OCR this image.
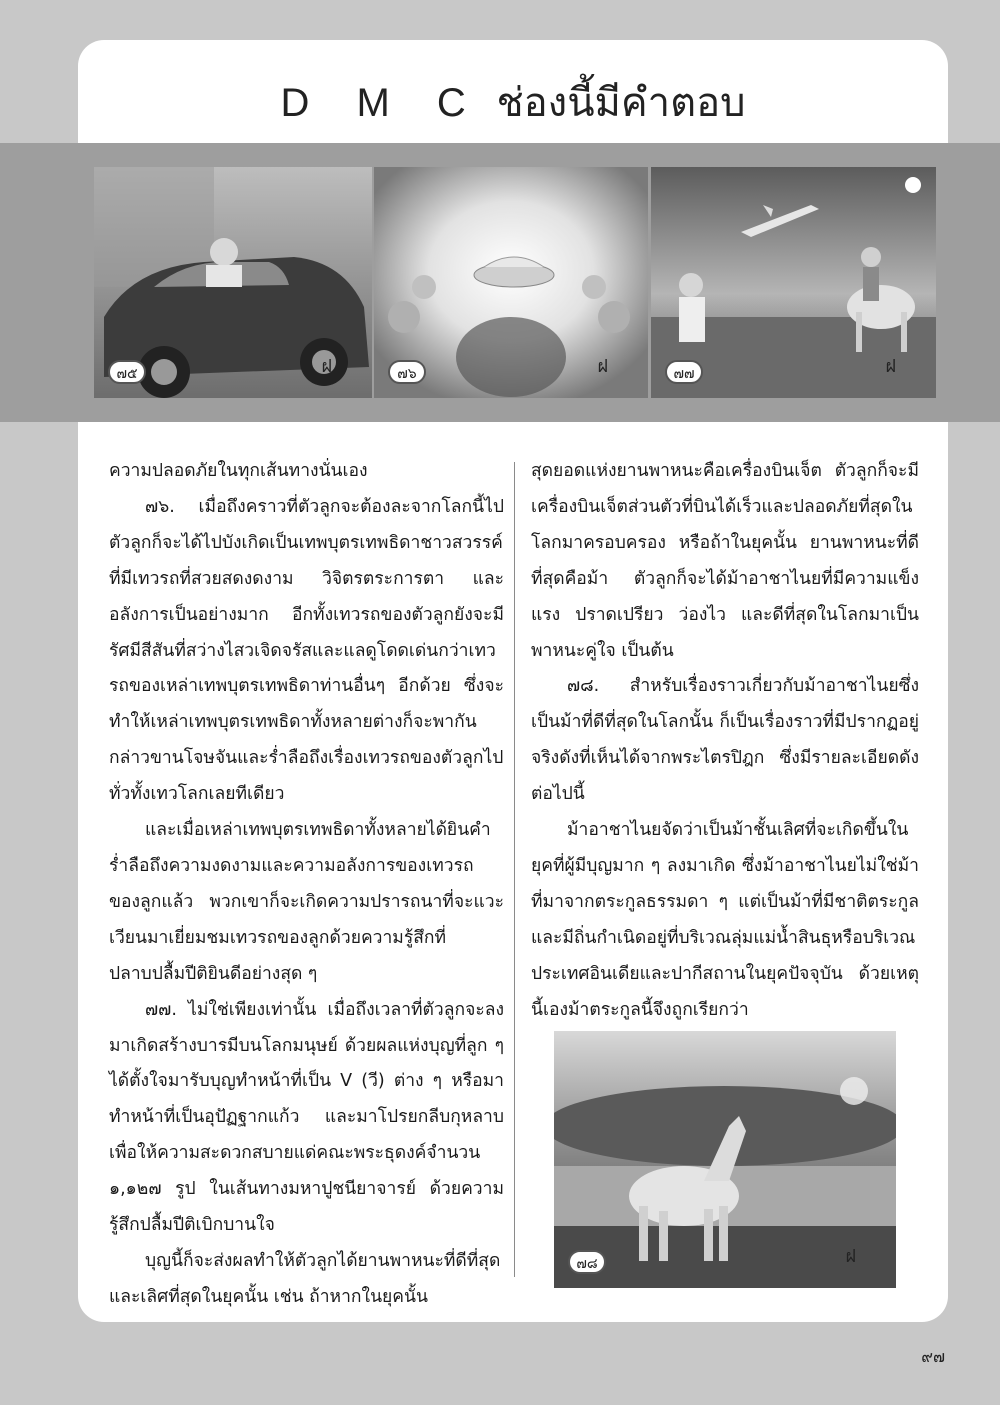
D M C ช่องนี้มีคำตอบ
๗๕	ฝ	๗๖	ฝ	๗๗	ฝ

ความปลอดภัยในทุกเส้นทางนั่นเอง

๗๖. เมื่อถึงคราวที่ตัวลูกจะต้องละจากโลกนี้ไป ตัวลูกก็จะได้ไปบังเกิดเป็นเทพบุตรเทพธิดาชาวสวรรค์ที่มีเทวรถที่สวยสดงดงาม วิจิตรตระการตา และอลังการเป็นอย่างมาก อีกทั้งเทวรถของตัวลูกยังจะมีรัศมีสีสันที่สว่างไสวเจิดจรัสและแลดูโดดเด่นกว่าเทวรถของเหล่าเทพบุตรเทพธิดาท่านอื่นๆ อีกด้วย ซึ่งจะทำให้เหล่าเทพบุตรเทพธิดาทั้งหลายต่างก็จะพากันกล่าวขานโจษจันและร่ำลือถึงเรื่องเทวรถของตัวลูกไปทั่วทั้งเทวโลกเลยทีเดียว

และเมื่อเหล่าเทพบุตรเทพธิดาทั้งหลายได้ยินคำร่ำลือถึงความงดงามและความอลังการของเทวรถของลูกแล้ว พวกเขาก็จะเกิดความปรารถนาที่จะแวะเวียนมาเยี่ยมชมเทวรถของลูกด้วยความรู้สึกที่ปลาบปลื้มปีติยินดีอย่างสุด ๆ

๗๗. ไม่ใช่เพียงเท่านั้น เมื่อถึงเวลาที่ตัวลูกจะลงมาเกิดสร้างบารมีบนโลกมนุษย์ ด้วยผลแห่งบุญที่ลูก ๆ ได้ตั้งใจมารับบุญทำหน้าที่เป็น V (วี) ต่าง ๆ หรือมาทำหน้าที่เป็นอุปัฏฐากแก้ว และมาโปรยกลีบกุหลาบ เพื่อให้ความสะดวกสบายแด่คณะพระธุดงค์จำนวน ๑,๑๒๗ รูป ในเส้นทางมหาปูชนียาจารย์ ด้วยความรู้สึกปลื้มปีติเบิกบานใจ

บุญนี้ก็จะส่งผลทำให้ตัวลูกได้ยานพาหนะที่ดีที่สุดและเลิศที่สุดในยุคนั้น เช่น ถ้าหากในยุคนั้น

สุดยอดแห่งยานพาหนะคือเครื่องบินเจ็ต ตัวลูกก็จะมีเครื่องบินเจ็ตส่วนตัวที่บินได้เร็วและปลอดภัยที่สุดในโลกมาครอบครอง หรือถ้าในยุคนั้น ยานพาหนะที่ดีที่สุดคือม้า ตัวลูกก็จะได้ม้าอาชาไนยที่มีความแข็งแรง ปราดเปรียว ว่องไว และดีที่สุดในโลกมาเป็นพาหนะคู่ใจ เป็นต้น

๗๘. สำหรับเรื่องราวเกี่ยวกับม้าอาชาไนยซึ่งเป็นม้าที่ดีที่สุดในโลกนั้น ก็เป็นเรื่องราวที่มีปรากฏอยู่จริงดังที่เห็นได้จากพระไตรปิฎก ซึ่งมีรายละเอียดดังต่อไปนี้

ม้าอาชาไนยจัดว่าเป็นม้าชั้นเลิศที่จะเกิดขึ้นในยุคที่ผู้มีบุญมาก ๆ ลงมาเกิด ซึ่งม้าอาชาไนยไม่ใช่ม้าที่มาจากตระกูลธรรมดา ๆ แต่เป็นม้าที่มีชาติตระกูลและมีถิ่นกำเนิดอยู่ที่บริเวณลุ่มแม่น้ำสินธุหรือบริเวณประเทศอินเดียและปากีสถานในยุคปัจจุบัน ด้วยเหตุนี้เองม้าตระกูลนี้จึงถูกเรียกว่า

๗๘	ฝ
๙๗
